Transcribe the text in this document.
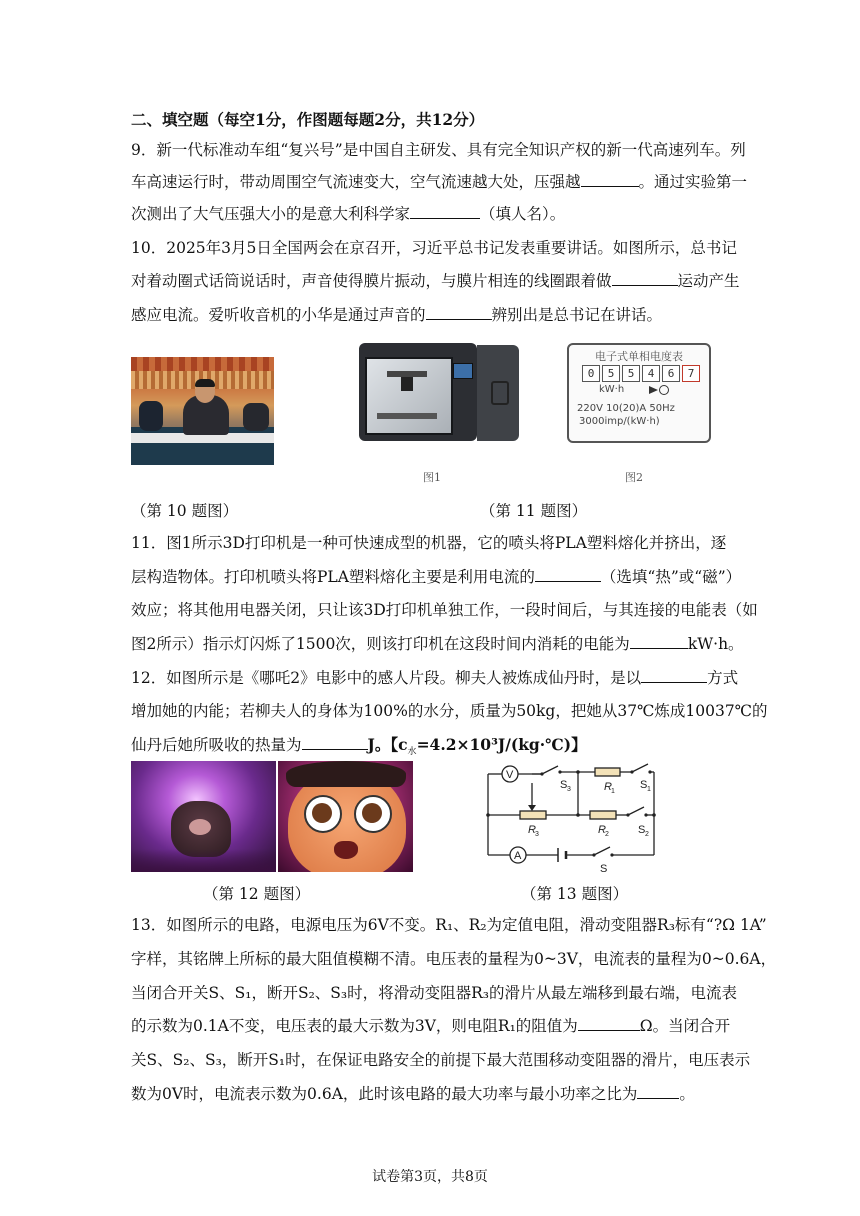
二、填空题（每空1分，作图题每题2分，共12分）
9．新一代标准动车组“复兴号”是中国自主研发、具有完全知识产权的新一代高速列车。列
车高速运行时，带动周围空气流速变大，空气流速越大处，压强越	。通过实验第一
次测出了大气压强大小的是意大利科学家	（填人名）。
10．2025年3月5日全国两会在京召开，习近平总书记发表重要讲话。如图所示，总书记
对着动圈式话筒说话时，声音使得膜片振动，与膜片相连的线圈跟着做	运动产生
感应电流。爱听收音机的小华是通过声音的	辨别出是总书记在讲话。
图1
电子式单相电度表
0	5	5	4	6	7
kW·h
220V 10(20)A 50Hz
3000imp/(kW·h)
图2
（第 10 题图）	（第 11 题图）
11．图1所示3D打印机是一种可快速成型的机器，它的喷头将PLA塑料熔化并挤出，逐
层构造物体。打印机喷头将PLA塑料熔化主要是利用电流的	（选填“热”或“磁”）
效应；将其他用电器关闭，只让该3D打印机单独工作，一段时间后，与其连接的电能表（如
图2所示）指示灯闪烁了1500次，则该打印机在这段时间内消耗的电能为	kW·h。
12．如图所示是《哪吒2》电影中的感人片段。柳夫人被炼成仙丹时，是以	方式
增加她的内能；若柳夫人的身体为100%的水分，质量为50kg，把她从37℃炼成10037℃的
仙丹后她所吸收的热量为	J。【$c_水=4.2\times 10^3J/(kg\cdot℃)$】
V
A
S 3	R 1
S 1
R 3	R 2	S 2
S
（第 12 题图）	（第 13 题图）
13．如图所示的电路，电源电压为6V不变。R₁、R₂为定值电阻，滑动变阻器R₃标有“?Ω 1A”
字样，其铭牌上所标的最大阻值模糊不清。电压表的量程为0~3V，电流表的量程为0~0.6A，
当闭合开关S、S₁，断开S₂、S₃时，将滑动变阻器R₃的滑片从最左端移到最右端，电流表
的示数为0.1A不变，电压表的最大示数为3V，则电阻R₁的阻值为	Ω。当闭合开
关S、S₂、S₃，断开S₁时，在保证电路安全的前提下最大范围移动变阻器的滑片，电压表示
数为0V时，电流表示数为0.6A，此时该电路的最大功率与最小功率之比为	。
试卷第3页，共8页
